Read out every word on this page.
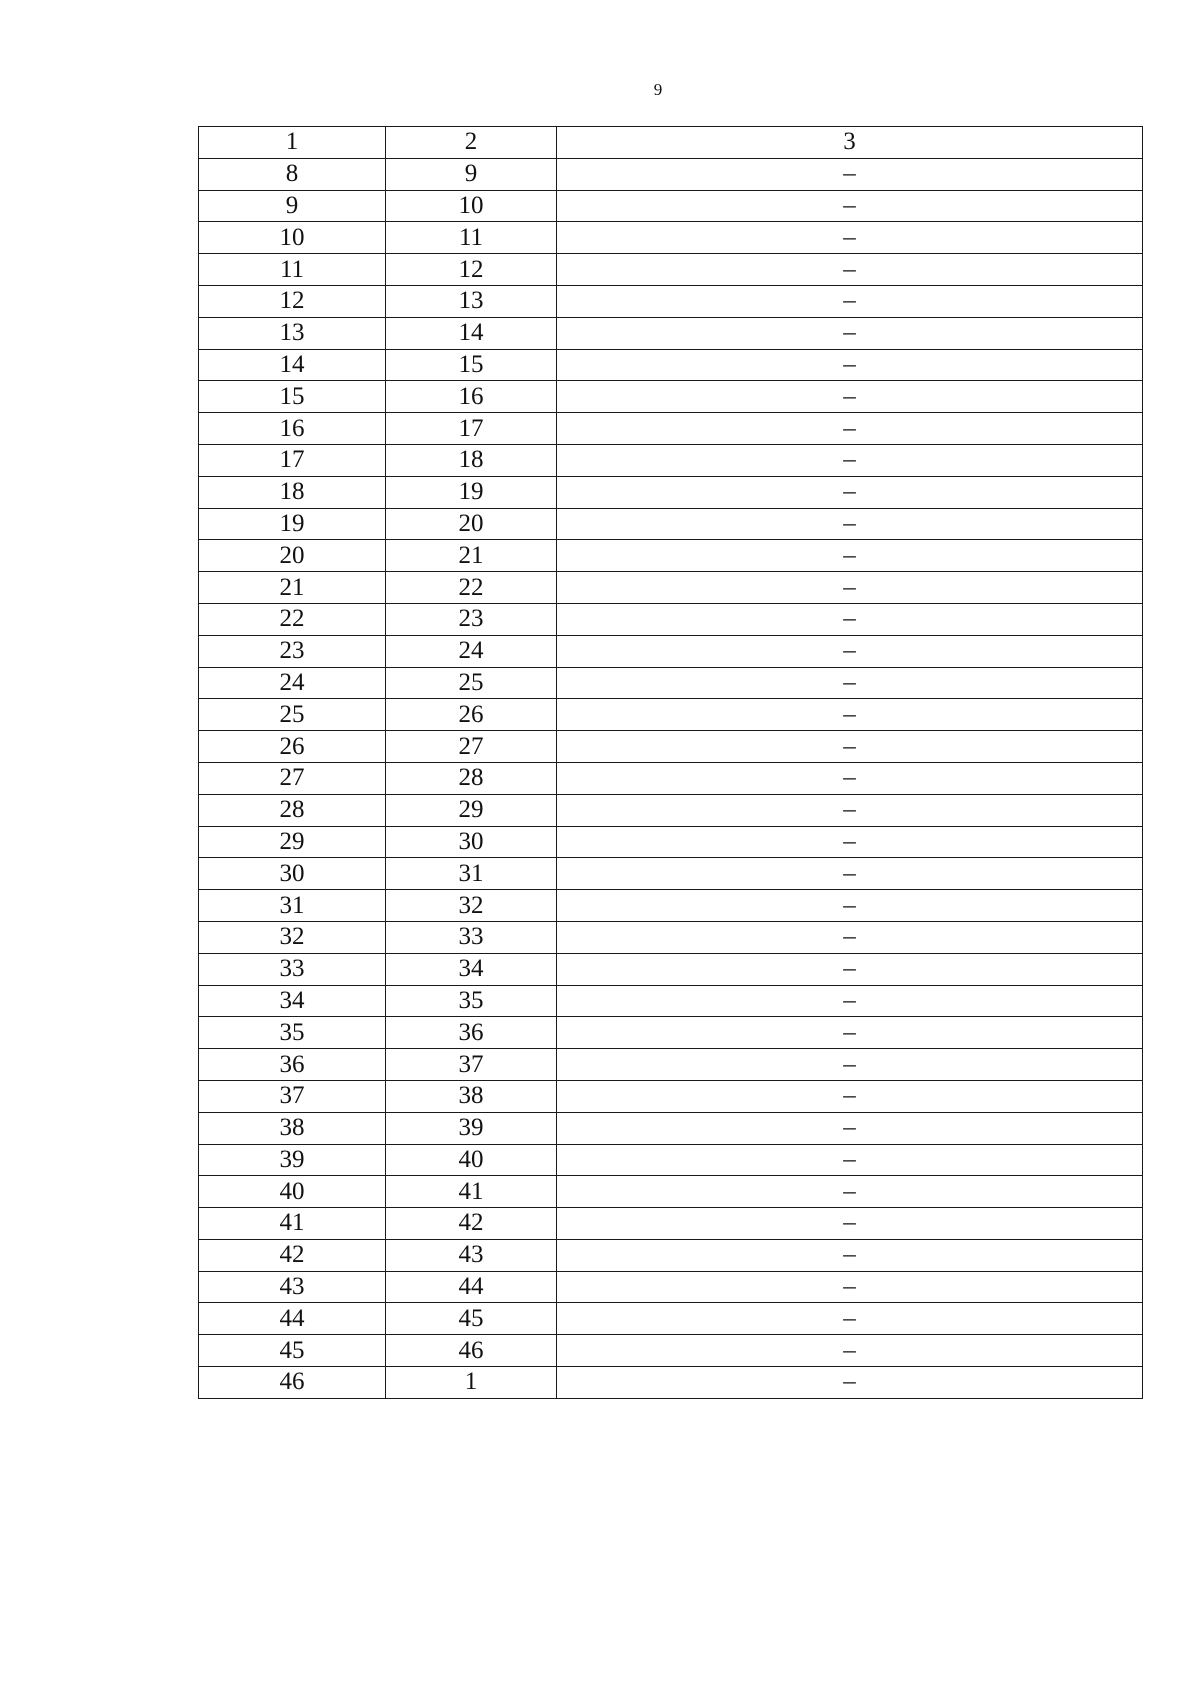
9
1	2	3
8	9	–
9	10	–
10	11	–
11	12	–
12	13	–
13	14	–
14	15	–
15	16	–
16	17	–
17	18	–
18	19	–
19	20	–
20	21	–
21	22	–
22	23	–
23	24	–
24	25	–
25	26	–
26	27	–
27	28	–
28	29	–
29	30	–
30	31	–
31	32	–
32	33	–
33	34	–
34	35	–
35	36	–
36	37	–
37	38	–
38	39	–
39	40	–
40	41	–
41	42	–
42	43	–
43	44	–
44	45	–
45	46	–
46	1	–
